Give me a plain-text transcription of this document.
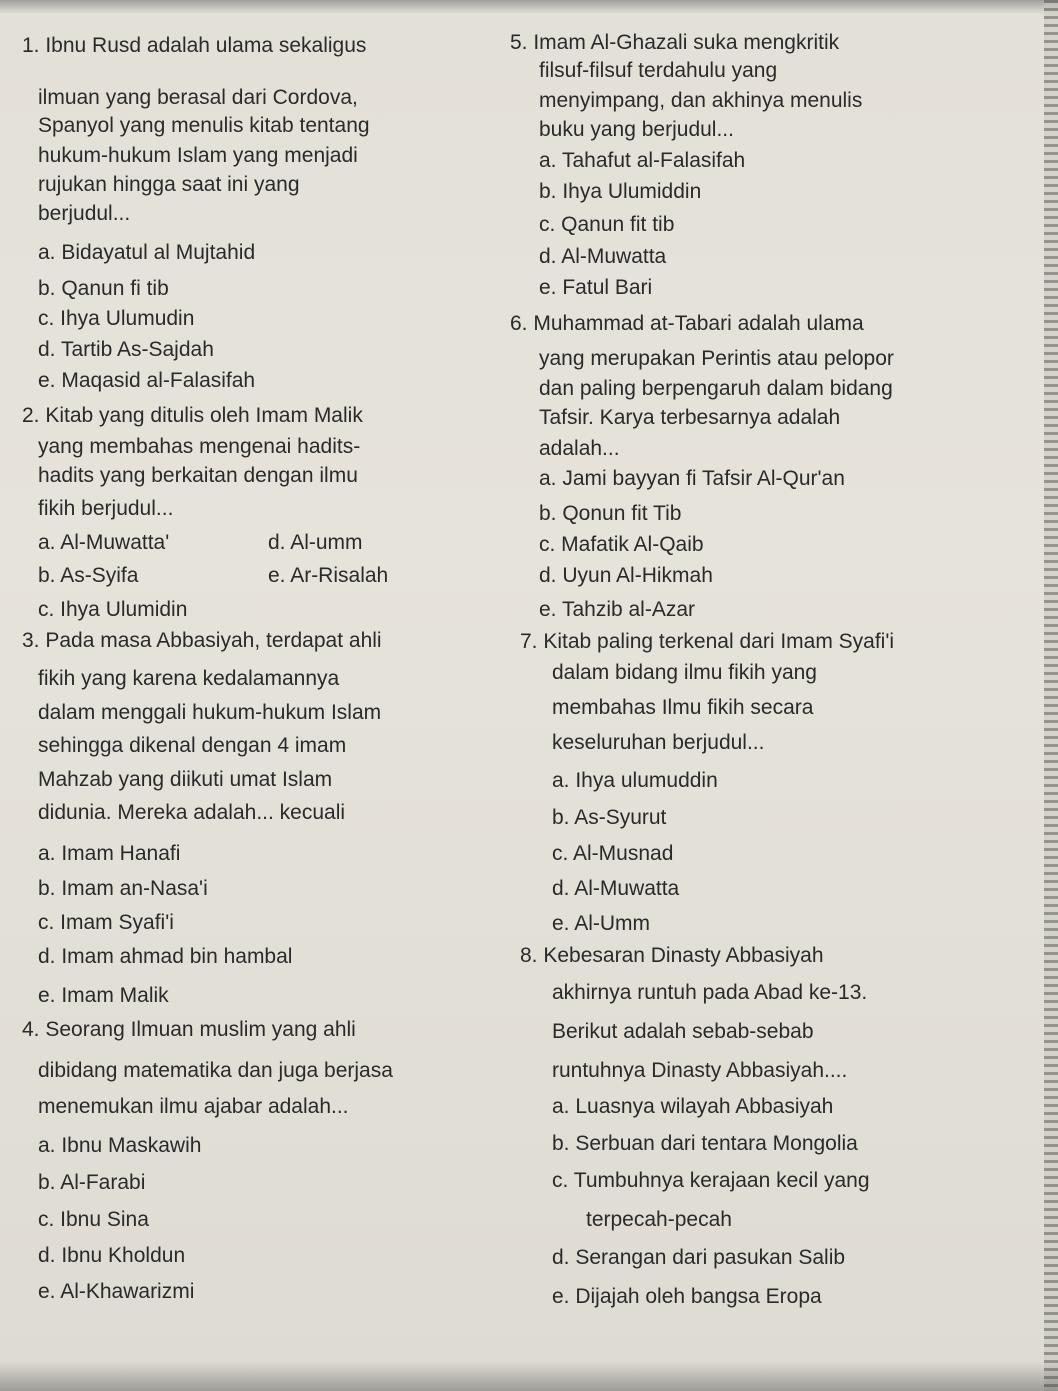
1. Ibnu Rusd adalah ulama sekaligus
ilmuan yang berasal dari Cordova,
Spanyol yang menulis kitab tentang
hukum-hukum Islam yang menjadi
rujukan hingga saat ini yang
berjudul...
a. Bidayatul al Mujtahid
b. Qanun fi tib
c. Ihya Ulumudin
d. Tartib As-Sajdah
e. Maqasid al-Falasifah
2. Kitab yang ditulis oleh Imam Malik
yang membahas mengenai hadits-
hadits yang berkaitan dengan ilmu
fikih berjudul...
a. Al-Muwatta'	d. Al-umm
b. As-Syifa	e. Ar-Risalah
c. Ihya Ulumidin
3. Pada masa Abbasiyah, terdapat ahli
fikih yang karena kedalamannya
dalam menggali hukum-hukum Islam
sehingga dikenal dengan 4 imam
Mahzab yang diikuti umat Islam
didunia. Mereka adalah... kecuali
a. Imam Hanafi
b. Imam an-Nasa'i
c. Imam Syafi'i
d. Imam ahmad bin hambal
e. Imam Malik
4. Seorang Ilmuan muslim yang ahli
dibidang matematika dan juga berjasa
menemukan ilmu ajabar adalah...
a. Ibnu Maskawih
b. Al-Farabi
c. Ibnu Sina
d. Ibnu Kholdun
e. Al-Khawarizmi
5. Imam Al-Ghazali suka mengkritik
filsuf-filsuf terdahulu yang
menyimpang, dan akhinya menulis
buku yang berjudul...
a. Tahafut al-Falasifah
b. Ihya Ulumiddin
c. Qanun fit tib
d. Al-Muwatta
e. Fatul Bari
6. Muhammad at-Tabari adalah ulama
yang merupakan Perintis atau pelopor
dan paling berpengaruh dalam bidang
Tafsir. Karya terbesarnya adalah
adalah...
a. Jami bayyan fi Tafsir Al-Qur'an
b. Qonun fit Tib
c. Mafatik Al-Qaib
d. Uyun Al-Hikmah
e. Tahzib al-Azar
7. Kitab paling terkenal dari Imam Syafi'i
dalam bidang ilmu fikih yang
membahas Ilmu fikih secara
keseluruhan berjudul...
a. Ihya ulumuddin
b. As-Syurut
c. Al-Musnad
d. Al-Muwatta
e. Al-Umm
8. Kebesaran Dinasty Abbasiyah
akhirnya runtuh pada Abad ke-13.
Berikut adalah sebab-sebab
runtuhnya Dinasty Abbasiyah....
a. Luasnya wilayah Abbasiyah
b. Serbuan dari tentara Mongolia
c. Tumbuhnya kerajaan kecil yang
terpecah-pecah
d. Serangan dari pasukan Salib
e. Dijajah oleh bangsa Eropa
